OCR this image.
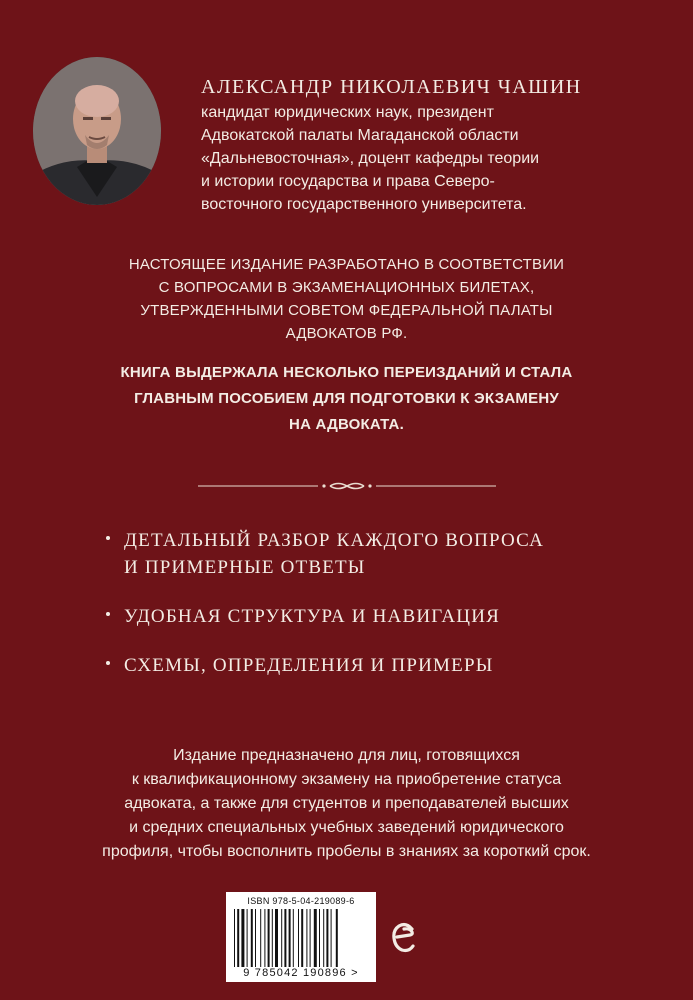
АЛЕКСАНДР НИКОЛАЕВИЧ ЧАШИН
кандидат юридических наук, президент
Адвокатской палаты Магаданской области
«Дальневосточная», доцент кафедры теории
и истории государства и права Северо-
восточного государственного университета.
НАСТОЯЩЕЕ ИЗДАНИЕ РАЗРАБОТАНО В СООТВЕТСТВИИ
С ВОПРОСАМИ В ЭКЗАМЕНАЦИОННЫХ БИЛЕТАХ,
УТВЕРЖДЕННЫМИ СОВЕТОМ ФЕДЕРАЛЬНОЙ ПАЛАТЫ
АДВОКАТОВ РФ.
КНИГА ВЫДЕРЖАЛА НЕСКОЛЬКО ПЕРЕИЗДАНИЙ И СТАЛА
ГЛАВНЫМ ПОСОБИЕМ ДЛЯ ПОДГОТОВКИ К ЭКЗАМЕНУ
НА АДВОКАТА.
ДЕТАЛЬНЫЙ РАЗБОР КАЖДОГО ВОПРОСА
И ПРИМЕРНЫЕ ОТВЕТЫ
УДОБНАЯ СТРУКТУРА И НАВИГАЦИЯ
СХЕМЫ, ОПРЕДЕЛЕНИЯ И ПРИМЕРЫ
Издание предназначено для лиц, готовящихся
к квалификационному экзамену на приобретение статуса
адвоката, а также для студентов и преподавателей высших
и средних специальных учебных заведений юридического
профиля, чтобы восполнить пробелы в знаниях за короткий срок.
ISBN 978-5-04-219089-6
9 785042 190896 >
